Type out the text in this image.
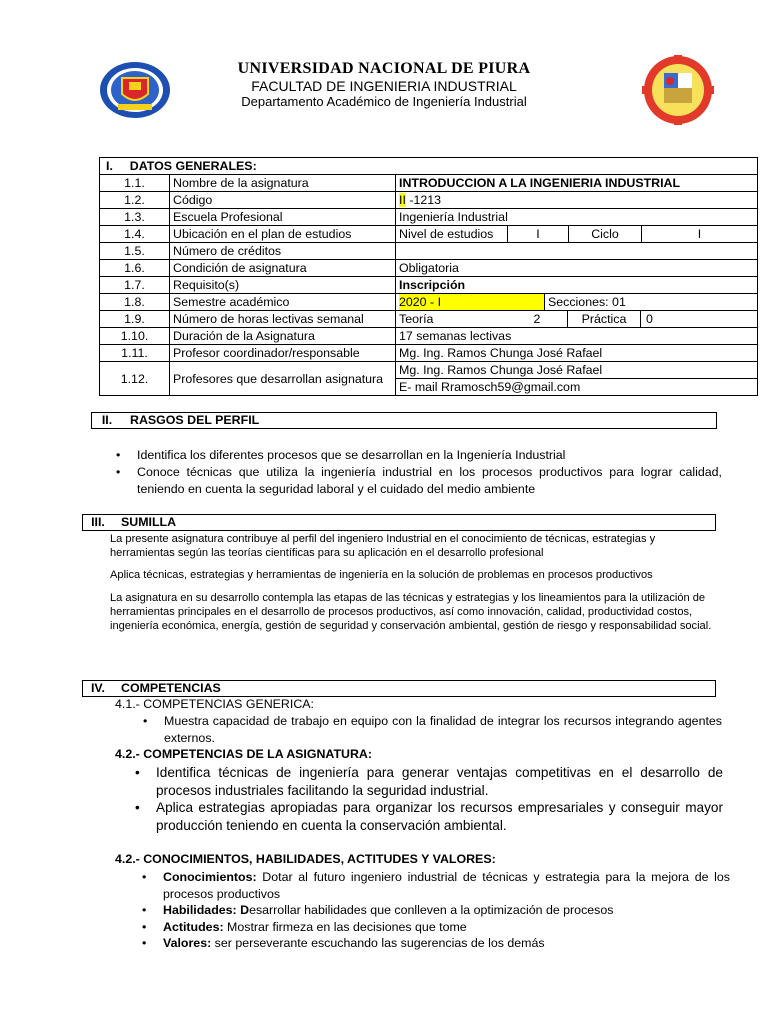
UNIVERSIDAD NACIONAL DE PIURA
FACULTAD DE INGENIERIA INDUSTRIAL
Departamento Académico de Ingeniería Industrial
I. DATOS GENERALES:		
1.1.	Nombre de la asignatura	INTRODUCCION A LA INGENIERIA INDUSTRIAL
1.2.	Código	II -1213
1.3.	Escuela Profesional	Ingeniería Industrial
1.4.	Ubicación en el plan de estudios	Nivel de estudios I Ciclo I

1.5.	Número de créditos	
1.6.	Condición de asignatura	Obligatoria
1.7.	Requisito(s)	Inscripción
1.8.	Semestre académico	2020 - I Secciones: 01

1.9.	Número de horas lectivas semanal	Teoría 2 Práctica 0

1.10.	Duración de la Asignatura	17 semanas lectivas
1.11.	Profesor coordinador/responsable	Mg. Ing. Ramos Chunga José Rafael
1.12.	Profesores que desarrollan asignatura	Mg. Ing. Ramos Chunga José Rafael
		E- mail Rramosch59@gmail.com
II. RASGOS DEL PERFIL
• Identifica los diferentes procesos que se desarrollan en la Ingeniería Industrial
• Conoce técnicas que utiliza la ingeniería industrial en los procesos productivos para lograr calidad, teniendo en cuenta la seguridad laboral y el cuidado del medio ambiente
III. SUMILLA
La presente asignatura contribuye al perfil del ingeniero Industrial en el conocimiento de técnicas, estrategias y herramientas según las teorías científicas para su aplicación en el desarrollo profesional
Aplica técnicas, estrategias y herramientas de ingeniería en la solución de problemas en procesos productivos
La asignatura en su desarrollo contempla las etapas de las técnicas y estrategias y los lineamientos para la utilización de herramientas principales en el desarrollo de procesos productivos, así como innovación, calidad, productividad costos, ingeniería económica, energía, gestión de seguridad y conservación ambiental, gestión de riesgo y responsabilidad social.
IV. COMPETENCIAS
4.1.- COMPETENCIAS GENERICA:
• Muestra capacidad de trabajo en equipo con la finalidad de integrar los recursos integrando agentes externos.
4.2.- COMPETENCIAS DE LA ASIGNATURA:
• Identifica técnicas de ingeniería para generar ventajas competitivas en el desarrollo de procesos industriales facilitando la seguridad industrial.
• Aplica estrategias apropiadas para organizar los recursos empresariales y conseguir mayor producción teniendo en cuenta la conservación ambiental.
4.2.- CONOCIMIENTOS, HABILIDADES, ACTITUDES Y VALORES:
• Conocimientos: Dotar al futuro ingeniero industrial de técnicas y estrategia para la mejora de los procesos productivos
• Habilidades: Desarrollar habilidades que conlleven a la optimización de procesos
• Actitudes: Mostrar firmeza en las decisiones que tome
• Valores: ser perseverante escuchando las sugerencias de los demás
